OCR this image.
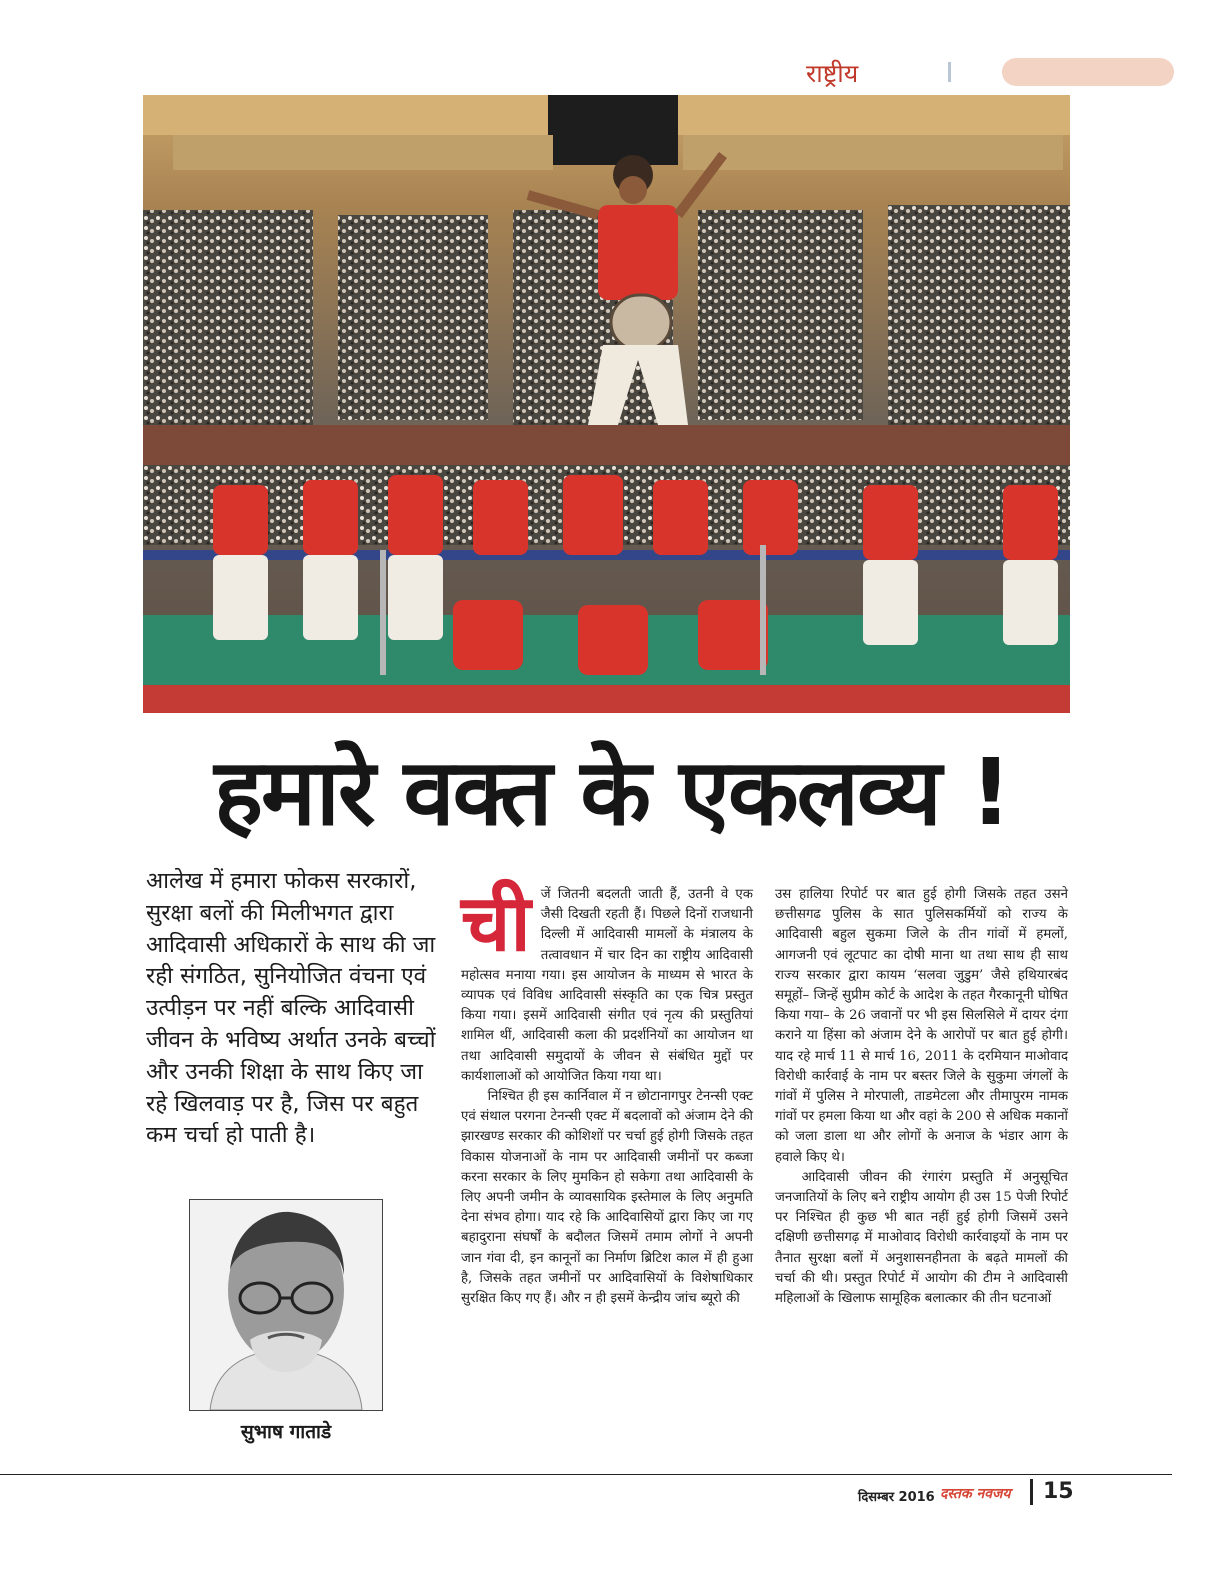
राष्ट्रीय
हमारे वक्त के एकलव्य !
आलेख में हमारा फोकस सरकारों, सुरक्षा बलों की मिलीभगत द्वारा आदिवासी अधिकारों के साथ की जा रही संगठित, सुनियोजित वंचना एवं उत्पीड़न पर नहीं बल्कि आदिवासी जीवन के भविष्य अर्थात उनके बच्चों और उनकी शिक्षा के साथ किए जा रहे खिलवाड़ पर है, जिस पर बहुत कम चर्चा हो पाती है।
सुभाष गाताडे
ची जें जितनी बदलती जाती हैं, उतनी वे एक जैसी दिखती रहती हैं। पिछले दिनों राजधानी दिल्ली में आदिवासी मामलों के मंत्रालय के तत्वावधान में चार दिन का राष्ट्रीय आदिवासी महोत्सव मनाया गया। इस आयोजन के माध्यम से भारत के व्यापक एवं विविध आदिवासी संस्कृति का एक चित्र प्रस्तुत किया गया। इसमें आदिवासी संगीत एवं नृत्य की प्रस्तुतियां शामिल थीं, आदिवासी कला की प्रदर्शनियों का आयोजन था तथा आदिवासी समुदायों के जीवन से संबंधित मुद्दों पर कार्यशालाओं को आयोजित किया गया था।

निश्चित ही इस कार्निवाल में न छोटानागपुर टेनन्सी एक्ट एवं संथाल परगना टेनन्सी एक्ट में बदलावों को अंजाम देने की झारखण्ड सरकार की कोशिशों पर चर्चा हुई होगी जिसके तहत विकास योजनाओं के नाम पर आदिवासी जमीनों पर कब्जा करना सरकार के लिए मुमकिन हो सकेगा तथा आदिवासी के लिए अपनी जमीन के व्यावसायिक इस्तेमाल के लिए अनुमति देना संभव होगा। याद रहे कि आदिवासियों द्वारा किए जा गए बहादुराना संघर्षों के बदौलत जिसमें तमाम लोगों ने अपनी जान गंवा दी, इन कानूनों का निर्माण ब्रिटिश काल में ही हुआ है, जिसके तहत जमीनों पर आदिवासियों के विशेषाधिकार सुरक्षित किए गए हैं। और न ही इसमें केन्द्रीय जांच ब्यूरो की

उस हालिया रिपोर्ट पर बात हुई होगी जिसके तहत उसने छत्तीसगढ पुलिस के सात पुलिसकर्मियों को राज्य के आदिवासी बहुल सुकमा जिले के तीन गांवों में हमलों, आगजनी एवं लूटपाट का दोषी माना था तथा साथ ही साथ राज्य सरकार द्वारा कायम ‘सलवा जुडुम’ जैसे हथियारबंद समूहों– जिन्हें सुप्रीम कोर्ट के आदेश के तहत गैरकानूनी घोषित किया गया– के 26 जवानों पर भी इस सिलसिले में दायर दंगा कराने या हिंसा को अंजाम देने के आरोपों पर बात हुई होगी। याद रहे मार्च 11 से मार्च 16, 2011 के दरमियान माओवाद विरोधी कार्रवाई के नाम पर बस्तर जिले के सुकुमा जंगलों के गांवों में पुलिस ने मोरपाली, ताडमेटला और तीमापुरम नामक गांवों पर हमला किया था और वहां के 200 से अधिक मकानों को जला डाला था और लोगों के अनाज के भंडार आग के हवाले किए थे।

आदिवासी जीवन की रंगारंग प्रस्तुति में अनुसूचित जनजातियों के लिए बने राष्ट्रीय आयोग ही उस 15 पेजी रिपोर्ट पर निश्चित ही कुछ भी बात नहीं हुई होगी जिसमें उसने दक्षिणी छत्तीसगढ़ में माओवाद विरोधी कार्रवाइयों के नाम पर तैनात सुरक्षा बलों में अनुशासनहीनता के बढ़ते मामलों की चर्चा की थी। प्रस्तुत रिपोर्ट में आयोग की टीम ने आदिवासी महिलाओं के खिलाफ सामूहिक बलात्कार की तीन घटनाओं

दिसम्बर 2016 दस्तक नवजय 15
